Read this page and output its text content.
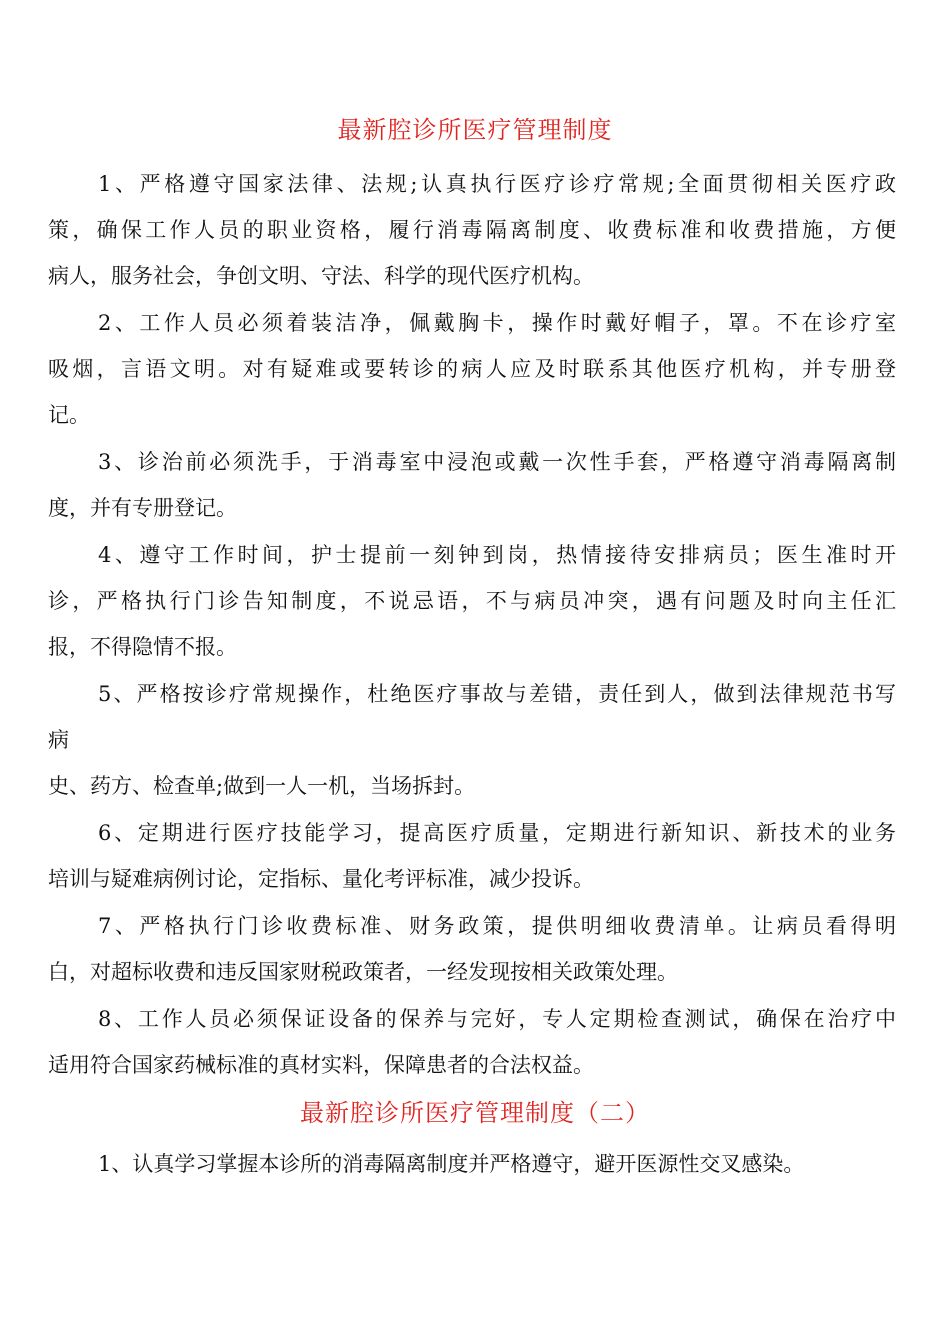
最新腔诊所医疗管理制度
1、严格遵守国家法律、法规;认真执行医疗诊疗常规;全面贯彻相关医疗政
策，确保工作人员的职业资格，履行消毒隔离制度、收费标准和收费措施，方便
病人，服务社会，争创文明、守法、科学的现代医疗机构。
2、工作人员必须着装洁净，佩戴胸卡，操作时戴好帽子，罩。不在诊疗室
吸烟，言语文明。对有疑难或要转诊的病人应及时联系其他医疗机构，并专册登
记。
3、诊治前必须洗手，于消毒室中浸泡或戴一次性手套，严格遵守消毒隔离制
度，并有专册登记。
4、遵守工作时间，护士提前一刻钟到岗，热情接待安排病员；医生准时开
诊，严格执行门诊告知制度，不说忌语，不与病员冲突，遇有问题及时向主任汇
报，不得隐情不报。
5、严格按诊疗常规操作，杜绝医疗事故与差错，责任到人，做到法律规范书写
病
史、药方、检查单;做到一人一机，当场拆封。
6、定期进行医疗技能学习，提高医疗质量，定期进行新知识、新技术的业务
培训与疑难病例讨论，定指标、量化考评标准，减少投诉。
7、严格执行门诊收费标准、财务政策，提供明细收费清单。让病员看得明
白，对超标收费和违反国家财税政策者，一经发现按相关政策处理。
8、工作人员必须保证设备的保养与完好，专人定期检查测试，确保在治疗中
适用符合国家药械标准的真材实料，保障患者的合法权益。
最新腔诊所医疗管理制度（二）
1、认真学习掌握本诊所的消毒隔离制度并严格遵守，避开医源性交叉感染。
